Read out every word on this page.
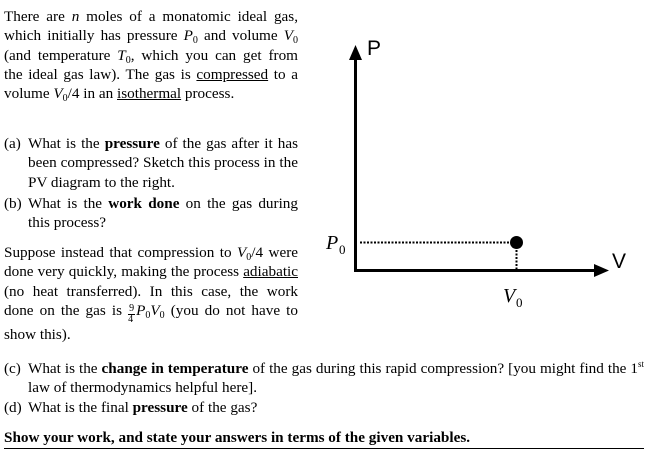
There are n moles of a monatomic ideal gas, which initially has pressure $P_0$ and volume $V_0$ (and temperature $T_0$, which you can get from the ideal gas law). The gas is compressed to a volume $V_0/4$ in an isothermal process.

(a) What is the pressure of the gas after it has been compressed? Sketch this process in the PV diagram to the right.

(b) What is the work done on the gas during this process?

Suppose instead that compression to $V_0/4$ were done very quickly, making the process adiabatic (no heat transferred). In this case, the work done on the gas is $\frac{9}{4} P_0V_0$ (you do not have to show this).

(c) What is the change in temperature of the gas during this rapid compression? [you might find the 1st law of thermodynamics helpful here].

(d) What is the final pressure of the gas?

Show your work, and state your answers in terms of the given variables.
P
V
P 0
V 0
